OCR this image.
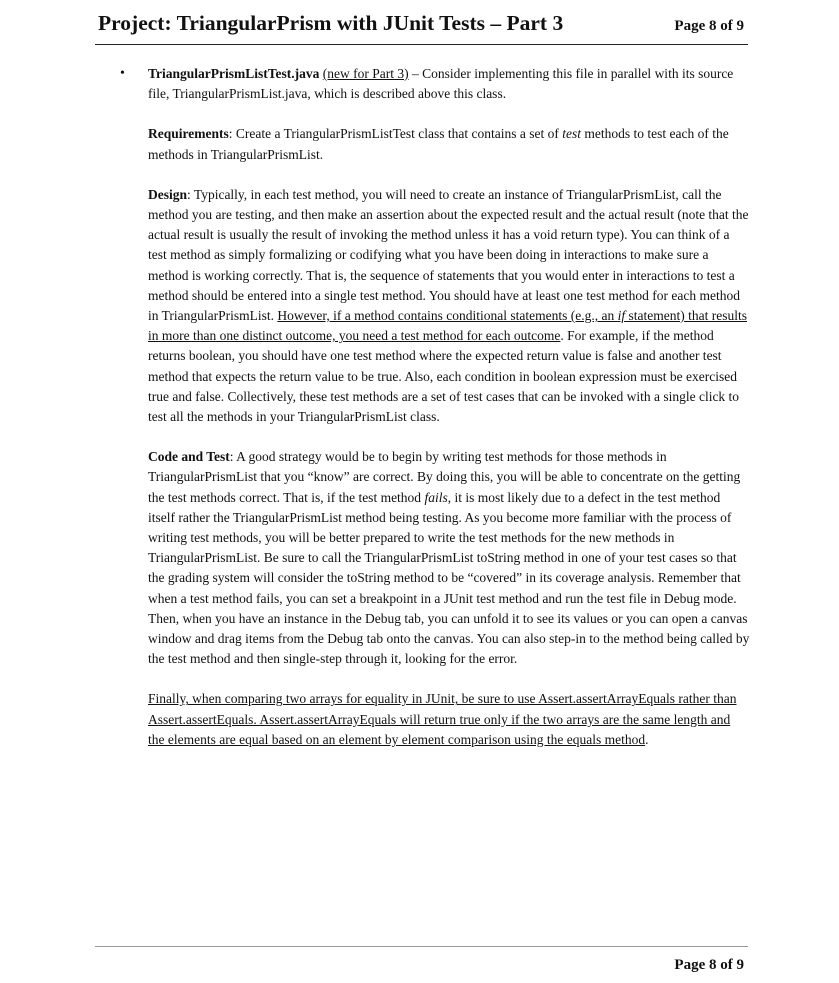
Project: TriangularPrism with JUnit Tests – Part 3	Page 8 of 9
• TriangularPrismListTest.java (new for Part 3) – Consider implementing this file in parallel with its source file, TriangularPrismList.java, which is described above this class.

Requirements: Create a TriangularPrismListTest class that contains a set of test methods to test each of the methods in TriangularPrismList.

Design: Typically, in each test method, you will need to create an instance of TriangularPrismList, call the method you are testing, and then make an assertion about the expected result and the actual result (note that the actual result is usually the result of invoking the method unless it has a void return type). You can think of a test method as simply formalizing or codifying what you have been doing in interactions to make sure a method is working correctly. That is, the sequence of statements that you would enter in interactions to test a method should be entered into a single test method. You should have at least one test method for each method in TriangularPrismList. However, if a method contains conditional statements (e.g., an if statement) that results in more than one distinct outcome, you need a test method for each outcome. For example, if the method returns boolean, you should have one test method where the expected return value is false and another test method that expects the return value to be true. Also, each condition in boolean expression must be exercised true and false. Collectively, these test methods are a set of test cases that can be invoked with a single click to test all the methods in your TriangularPrismList class.

Code and Test: A good strategy would be to begin by writing test methods for those methods in TriangularPrismList that you “know” are correct. By doing this, you will be able to concentrate on the getting the test methods correct. That is, if the test method fails, it is most likely due to a defect in the test method itself rather the TriangularPrismList method being testing. As you become more familiar with the process of writing test methods, you will be better prepared to write the test methods for the new methods in TriangularPrismList. Be sure to call the TriangularPrismList toString method in one of your test cases so that the grading system will consider the toString method to be “covered” in its coverage analysis. Remember that when a test method fails, you can set a breakpoint in a JUnit test method and run the test file in Debug mode. Then, when you have an instance in the Debug tab, you can unfold it to see its values or you can open a canvas window and drag items from the Debug tab onto the canvas. You can also step-in to the method being called by the test method and then single-step through it, looking for the error.

Finally, when comparing two arrays for equality in JUnit, be sure to use Assert.assertArrayEquals rather than Assert.assertEquals. Assert.assertArrayEquals will return true only if the two arrays are the same length and the elements are equal based on an element by element comparison using the equals method.

Page 8 of 9
